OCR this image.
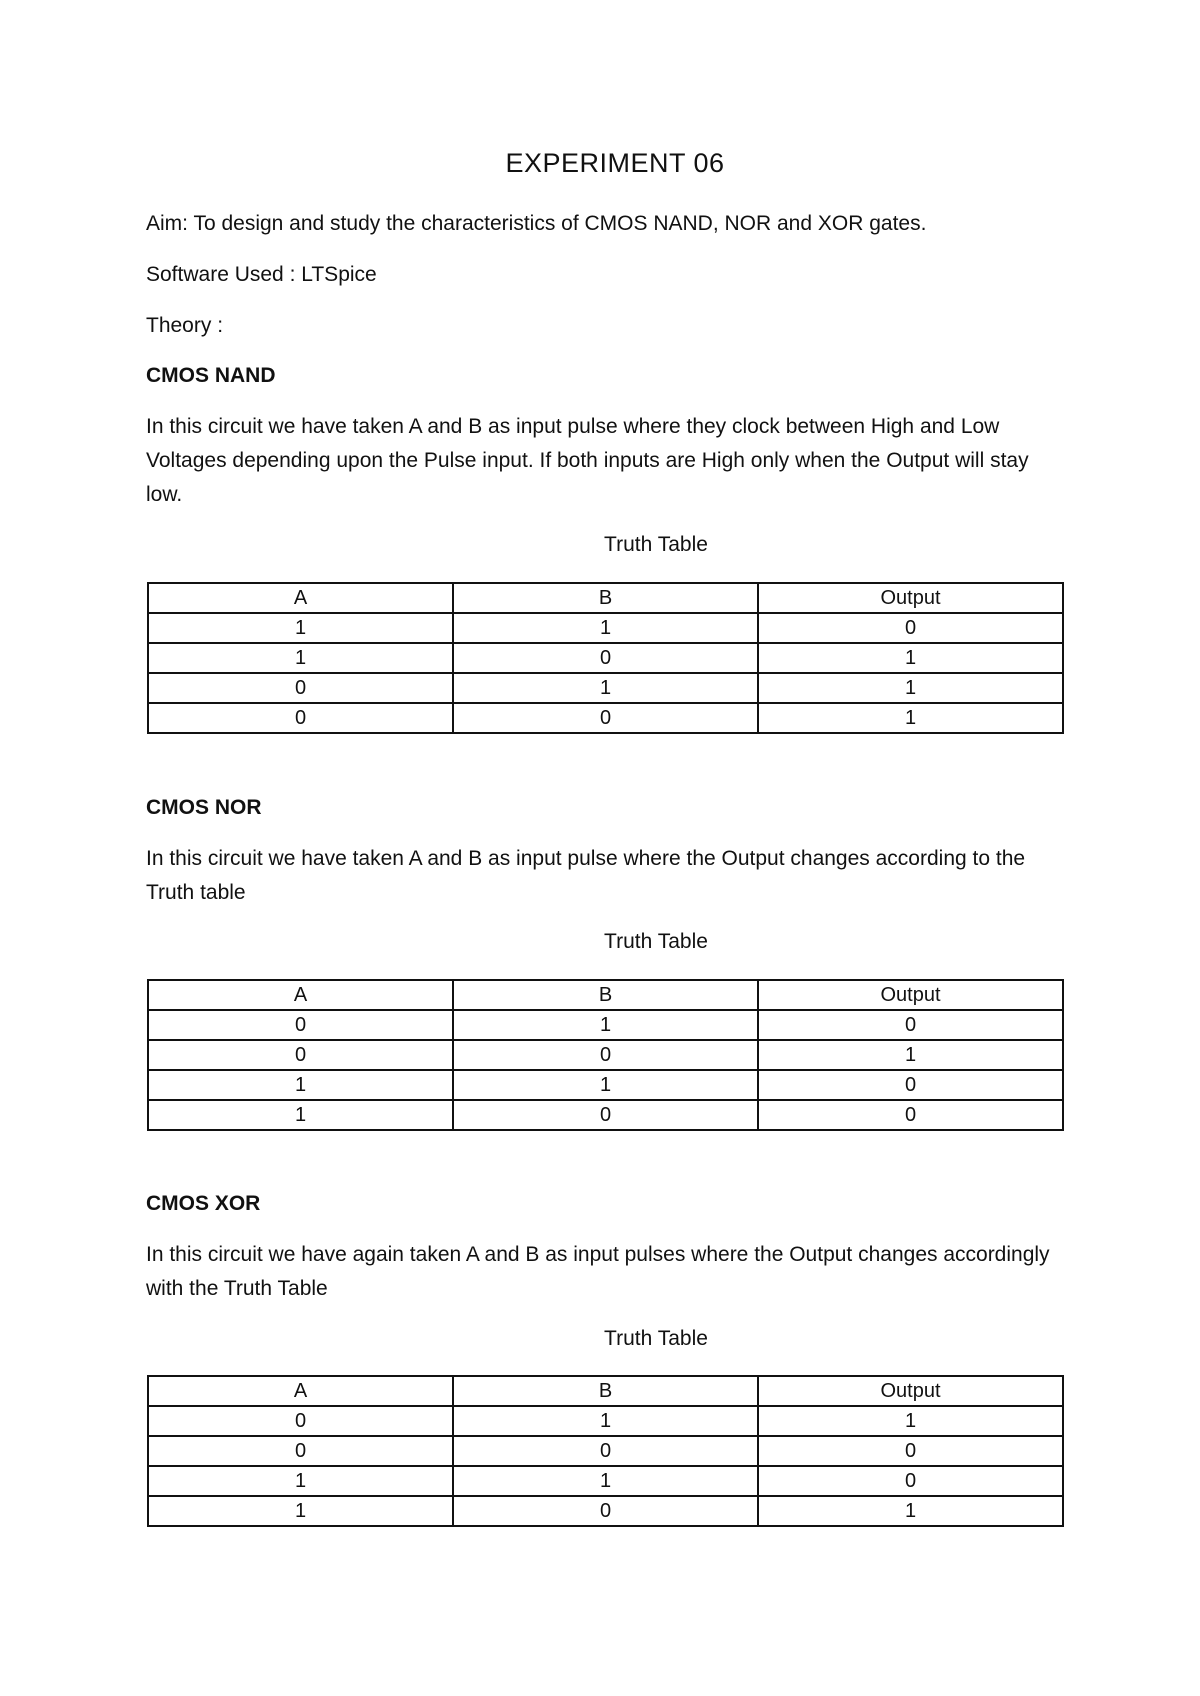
EXPERIMENT 06
Aim: To design and study the characteristics of CMOS NAND, NOR and XOR gates.
Software Used : LTSpice
Theory :
CMOS NAND
In this circuit we have taken A and B as input pulse where they clock between High and Low Voltages depending upon the Pulse input. If both inputs are High only when the Output will stay low.
Truth Table
A	B	Output
1	1	0
1	0	1
0	1	1
0	0	1
CMOS NOR
In this circuit we have taken A and B as input pulse where the Output changes according to the Truth table
Truth Table
A	B	Output
0	1	0
0	0	1
1	1	0
1	0	0
CMOS XOR
In this circuit we have again taken A and B as input pulses where the Output changes accordingly with the Truth Table
Truth Table
A	B	Output
0	1	1
0	0	0
1	1	0
1	0	1
